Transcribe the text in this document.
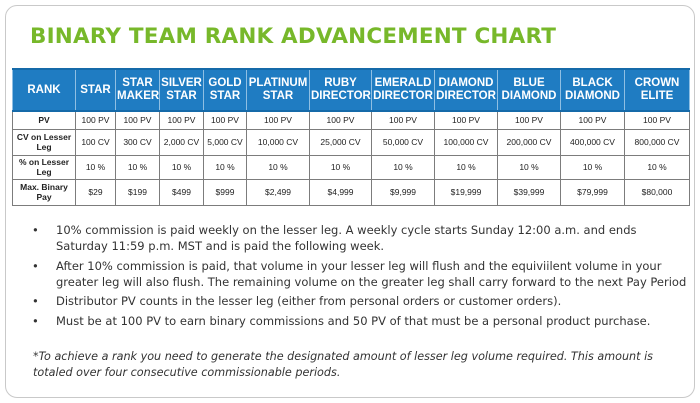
BINARY TEAM RANK ADVANCEMENT CHART
RANK	STAR	STAR MAKER	SILVER STAR	GOLD STAR	PLATINUM STAR	RUBY DIRECTOR	EMERALD DIRECTOR	DIAMOND DIRECTOR	BLUE DIAMOND	BLACK DIAMOND	CROWN ELITE
PV	100 PV	100 PV	100 PV	100 PV	100 PV	100 PV	100 PV	100 PV	100 PV	100 PV	100 PV
CV on Lesser Leg	100 CV	300 CV	2,000 CV	5,000 CV	10,000 CV	25,000 CV	50,000 CV	100,000 CV	200,000 CV	400,000 CV	800,000 CV
% on Lesser Leg	10 %	10 %	10 %	10 %	10 %	10 %	10 %	10 %	10 %	10 %	10 %
Max. Binary Pay	$29	$199	$499	$999	$2,499	$4,999	$9,999	$19,999	$39,999	$79,999	$80,000
• 10% commission is paid weekly on the lesser leg. A weekly cycle starts Sunday 12:00 a.m. and ends Saturday 11:59 p.m. MST and is paid the following week.
• After 10% commission is paid, that volume in your lesser leg will flush and the equiviilent volume in your greater leg will also flush. The remaining volume on the greater leg shall carry forward to the next Pay Period
• Distributor PV counts in the lesser leg (either from personal orders or customer orders).
• Must be at 100 PV to earn binary commissions and 50 PV of that must be a personal product purchase.
*To achieve a rank you need to generate the designated amount of lesser leg volume required. This amount is totaled over four consecutive commissionable periods.
